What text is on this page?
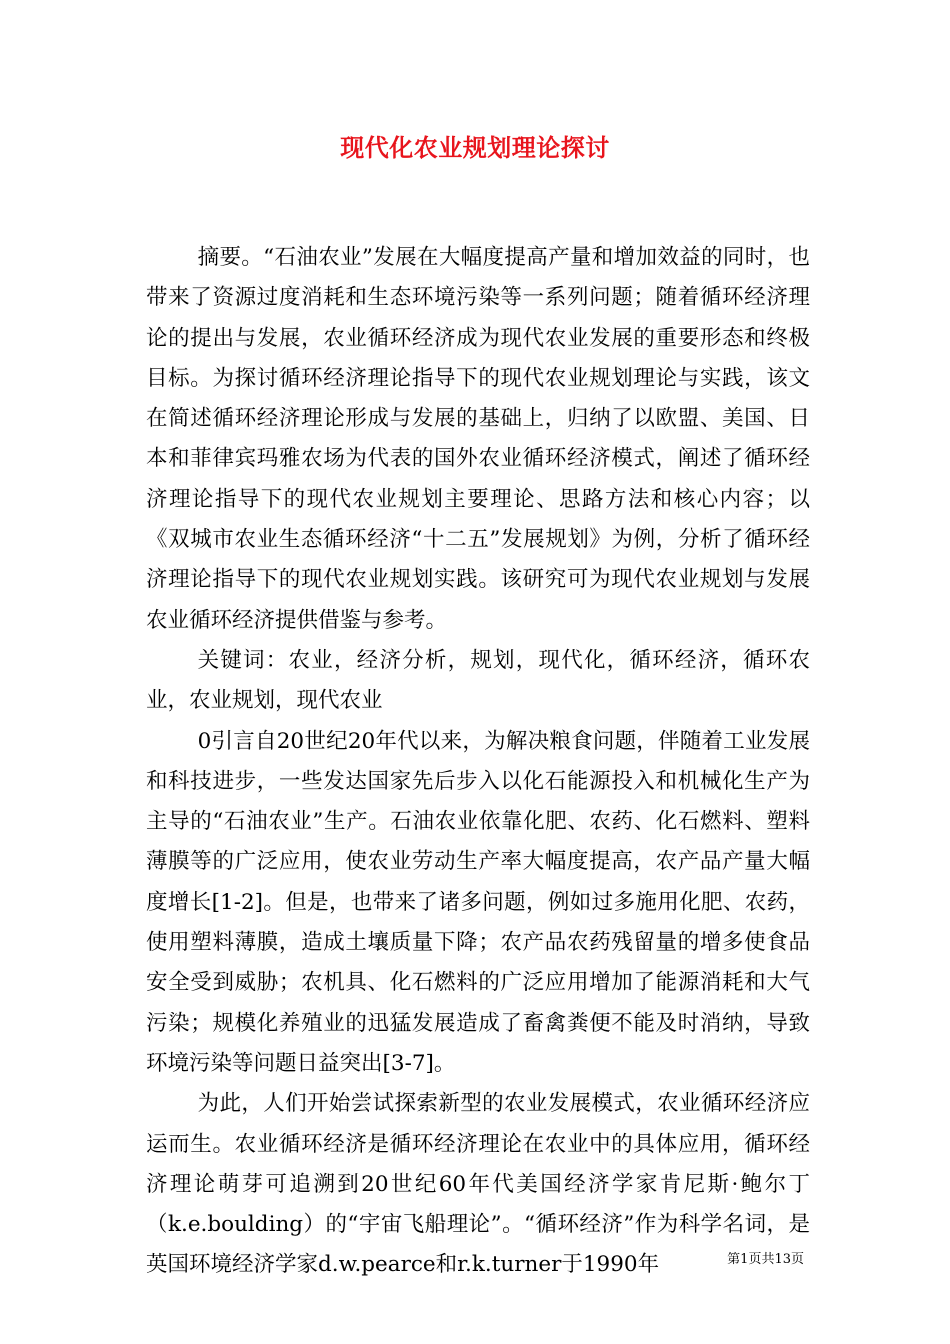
现代化农业规划理论探讨

摘要。“石油农业”发展在大幅度提高产量和增加效益的同时，也带来了资源过度消耗和生态环境污染等一系列问题；随着循环经济理论的提出与发展，农业循环经济成为现代农业发展的重要形态和终极目标。为探讨循环经济理论指导下的现代农业规划理论与实践，该文在简述循环经济理论形成与发展的基础上，归纳了以欧盟、美国、日本和菲律宾玛雅农场为代表的国外农业循环经济模式，阐述了循环经济理论指导下的现代农业规划主要理论、思路方法和核心内容；以《双城市农业生态循环经济“十二五”发展规划》为例，分析了循环经济理论指导下的现代农业规划实践。该研究可为现代农业规划与发展农业循环经济提供借鉴与参考。

关键词：农业，经济分析，规划，现代化，循环经济，循环农业，农业规划，现代农业

0引言自20世纪20年代以来，为解决粮食问题，伴随着工业发展和科技进步，一些发达国家先后步入以化石能源投入和机械化生产为主导的“石油农业”生产。石油农业依靠化肥、农药、化石燃料、塑料薄膜等的广泛应用，使农业劳动生产率大幅度提高，农产品产量大幅度增长[1-2]。但是，也带来了诸多问题，例如过多施用化肥、农药，使用塑料薄膜，造成土壤质量下降；农产品农药残留量的增多使食品安全受到威胁；农机具、化石燃料的广泛应用增加了能源消耗和大气污染；规模化养殖业的迅猛发展造成了畜禽粪便不能及时消纳，导致环境污染等问题日益突出[3-7]。

为此，人们开始尝试探索新型的农业发展模式，农业循环经济应运而生。农业循环经济是循环经济理论在农业中的具体应用，循环经济理论萌芽可追溯到20世纪60年代美国经济学家肯尼斯·鲍尔丁（k.e.boulding）的“宇宙飞船理论”。“循环经济”作为科学名词，是英国环境经济学家d.w.pearce和r.k.turner于1990年	第1页共13页
